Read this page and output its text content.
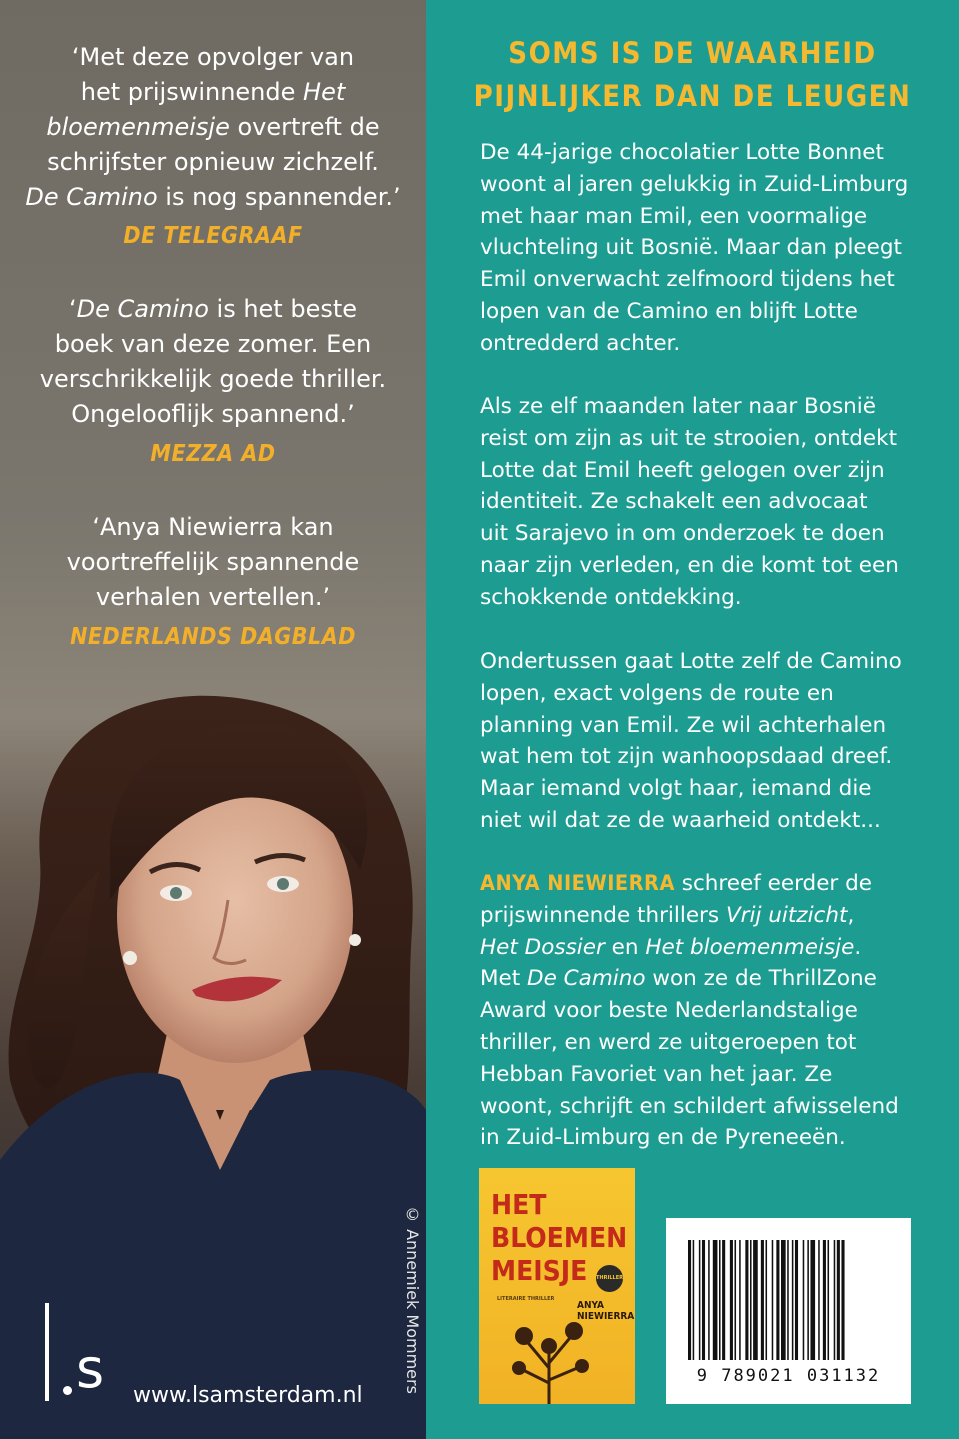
‘Met deze opvolger van
het prijswinnende Het
bloemenmeisje overtreft de
schrijfster opnieuw zichzelf.
De Camino is nog spannender.’
DE TELEGRAAF
‘De Camino is het beste
boek van deze zomer. Een
verschrikkelijk goede thriller.
Ongelooflijk spannend.’
MEZZA AD
‘Anya Niewierra kan
voortreffelijk spannende
verhalen vertellen.’
NEDERLANDS DAGBLAD
© Annemiek Mommers
s www.lsamsterdam.nl
SOMS IS DE WAARHEID
PIJNLIJKER DAN DE LEUGEN
De 44-jarige chocolatier Lotte Bonnet
woont al jaren gelukkig in Zuid-Limburg
met haar man Emil, een voormalige
vluchteling uit Bosnië. Maar dan pleegt
Emil onverwacht zelfmoord tijdens het
lopen van de Camino en blijft Lotte
ontredderd achter.
Als ze elf maanden later naar Bosnië
reist om zijn as uit te strooien, ontdekt
Lotte dat Emil heeft gelogen over zijn
identiteit. Ze schakelt een advocaat
uit Sarajevo in om onderzoek te doen
naar zijn verleden, en die komt tot een
schokkende ontdekking.
Ondertussen gaat Lotte zelf de Camino
lopen, exact volgens de route en
planning van Emil. Ze wil achterhalen
wat hem tot zijn wanhoopsdaad dreef.
Maar iemand volgt haar, iemand die
niet wil dat ze de waarheid ontdekt...
ANYA NIEWIERRA schreef eerder de
prijswinnende thrillers Vrij uitzicht,
Het Dossier en Het bloemenmeisje.
Met De Camino won ze de ThrillZone
Award voor beste Nederlandstalige
thriller, en werd ze uitgeroepen tot
Hebban Favoriet van het jaar. Ze
woont, schrijft en schildert afwisselend
in Zuid-Limburg en de Pyreneeën.
HET
BLOEMEN
MEISJE	THRILLER
LITERAIRE THRILLER
ANYA
NIEWIERRA
9 789021 031132
